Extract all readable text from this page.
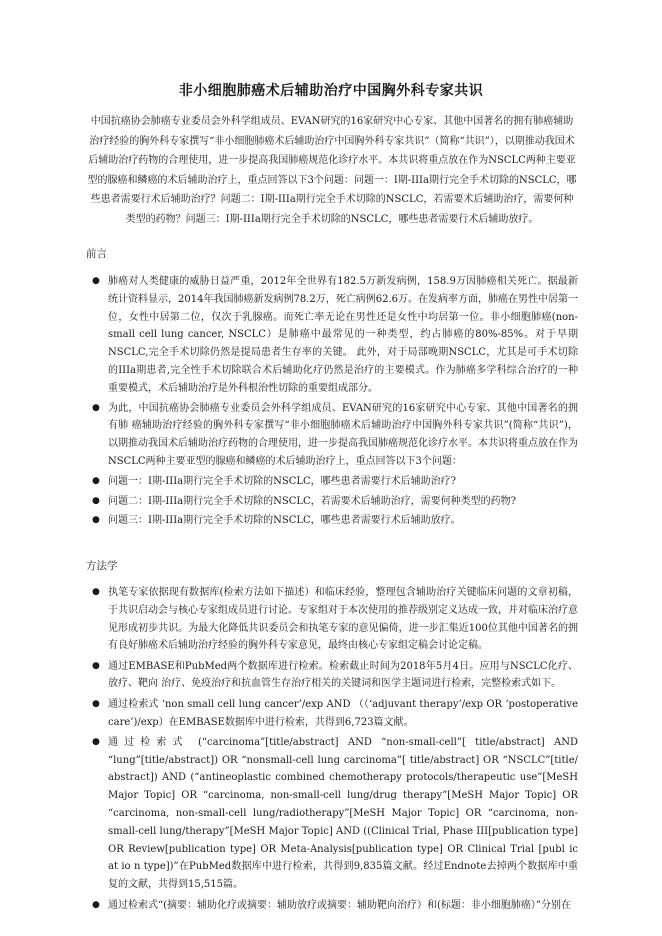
非小细胞肺癌术后辅助治疗中国胸外科专家共识
中国抗癌协会肺癌专业委员会外科学组成员、EVAN研究的16家研究中心专家、其他中国著名的拥有肺癌辅助治疗经验的胸外科专家撰写“非小细胞肺癌术后辅助治疗中国胸外科专家共识”（简称“共识”），以期推动我国术后辅助治疗药物的合理使用，进一步提高我国肺癌规范化诊疗水平。本共识将重点放在作为NSCLC两种主要亚型的腺癌和鳞癌的术后辅助治疗上，重点回答以下3个问题：问题一：I期-IIIa期行完全手术切除的NSCLC，哪些患者需要行术后辅助治疗？问题二：I期-IIIa期行完全手术切除的NSCLC，若需要术后辅助治疗，需要何种类型的药物？问题三：I期-IIIa期行完全手术切除的NSCLC，哪些患者需要行术后辅助放疗。
前言
● 肺癌对人类健康的威胁日益严重，2012年全世界有182.5万新发病例，158.9万因肺癌相关死亡。据最新统计资料显示，2014年我国肺癌新发病例78.2万，死亡病例62.6万。在发病率方面，肺癌在男性中居第一位，女性中居第二位，仅次于乳腺癌。而死亡率无论在男性还是女性中均居第一位。非小细胞肺癌(non-small cell lung cancer, NSCLC）是肺癌中最常见的一种类型，约占肺癌的80%-85%。对于早期NSCLC,完全手术切除仍然是提局患者生存率的关键。 此外，对于局部晚期NSCLC，尤其是可手术切除的IIIa期患者,完全性手术切除联合术后辅助化疗仍然是治疗的主要模式。作为肺癌多学科综合治疗的一种重要模式，术后辅助治疗是外科根治性切除的重要组成部分。
● 为此，中国抗癌协会肺癌专业委员会外科学组成员、EVAN研究的16家研究中心专家、其他中国著名的拥有肺 癌辅助治疗经验的胸外科专家撰写“非小细胞肺癌术后辅助治疗中国胸外科专家共识”(简称“共识”)，以期推动我国术后辅助治疗药物的合理使用，进一步提高我国肺癌规范化诊疗水平。本共识将重点放在作为NSCLC两种主要亚型的腺癌和鳞癌的术后辅助治疗上，重点回答以下3个问题：
● 问题一：I期-IIIa期行完全手术切除的NSCLC，哪些患者需要行术后辅助治疗?
● 问题二：I期-IIIa期行完全手术切除的NSCLC，若需要术后辅助治疗，需要何种类型的药物?
● 问题三：I期-IIIa期行完全手术切除的NSCLC，哪些患者需要行术后辅助放疗。
方法学
● 执笔专家依据现有数据库(检索方法如下描述）和临床经验，整理包含辅助治疗关键临床问题的文章初稿，于共识启动会与核心专家组成员进行讨论。专家组对于本次使用的推荐级别定义达成一致，并对临床治疗意见形成初步共识。为最大化降低共识委员会和执笔专家的意见偏倚，进一步汇集近100位其他中国著名的拥有良好肺癌术后辅助治疗经验的胸外科专家意见，最终由核心专家组定稿会讨论定稿。
● 通过EMBASE和PubMed两个数据库进行检索。检索截止时间为2018年5月4日。应用与NSCLC化疗、放疗、靶向 治疗、免疫治疗和抗血管生存治疗相关的关键词和医学主题词进行检索，完整检索式如下。
● 通过检索式 ‘non small cell lung cancer’/exp AND （（‘adjuvant therapy’/exp OR ‘postoperative care’)/exp）在EMBASE数据库中进行检索，共得到6,723篇文献。
● 通过检索式 (“carcinoma”[title/abstract] AND “non-small-cell”[ title/abstract] AND “lung”[title/abstract]) OR “nonsmall-cell lung carcinoma”[ title/abstract] OR “NSCLC”[title/ abstract]) AND (“antineoplastic combined chemotherapy protocols/therapeutic use”[MeSH Major Topic] OR “carcinoma, non-small-cell lung/drug therapy”[MeSH Major Topic] OR “carcinoma, non-small-cell lung/radiotherapy”[MeSH Major Topic] OR “carcinoma, non-small-cell lung/therapy”[MeSH Major Topic] AND ((Clinical Trial, Phase III[publication type] OR Review[publication type] OR Meta-Analysis[publication type] OR Clinical Trial [publ ic at io n type])”在PubMed数据库中进行检索，共得到9,835篇文献。经过Endnote去掉两个数据库中重复的文献，共得到15,515篇。
● 通过检索式“(摘要：辅助化疗或摘要：辅助放疗或摘要：辅助靶向治疗）和(标题：非小细胞肺癌）”分别在
